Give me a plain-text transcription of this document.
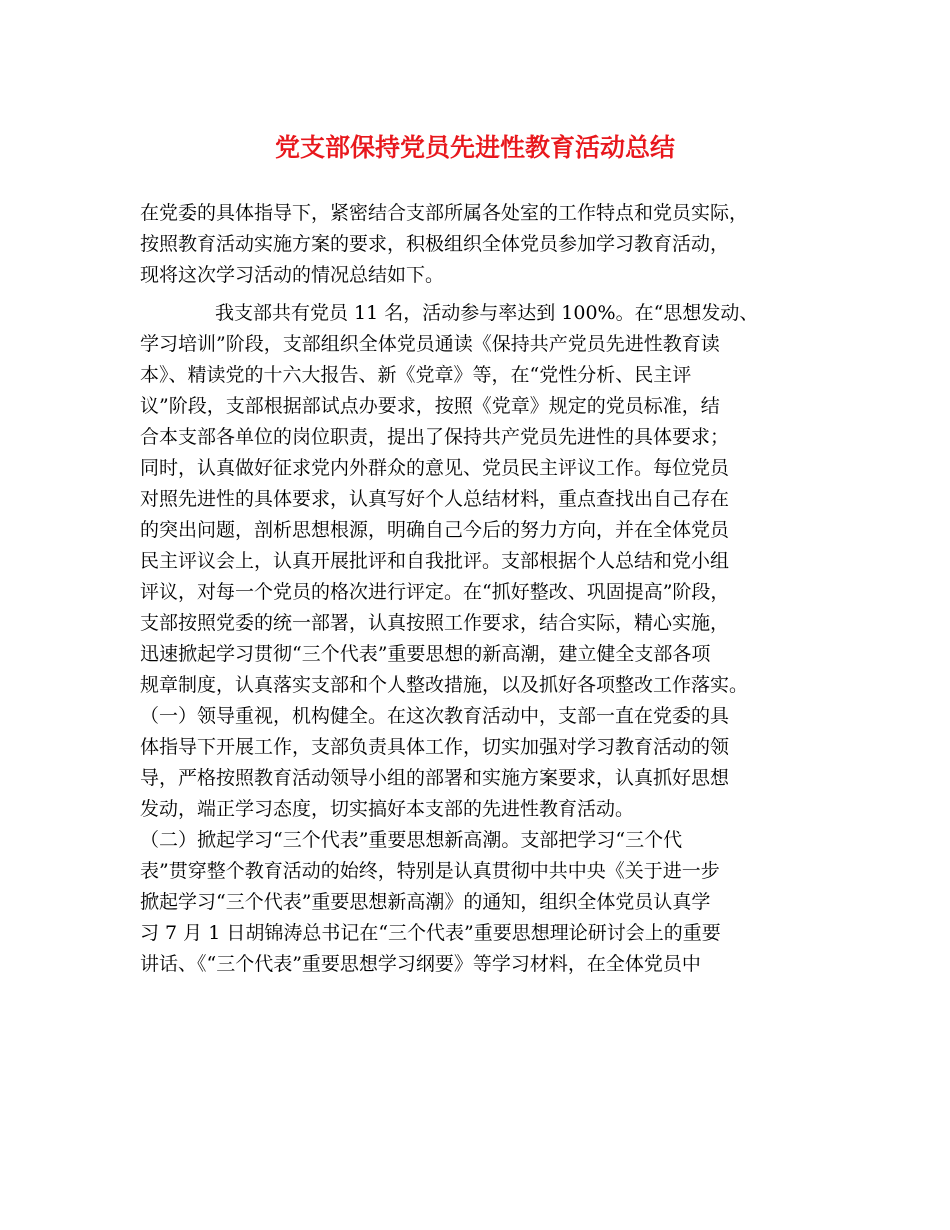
党支部保持党员先进性教育活动总结
在党委的具体指导下，紧密结合支部所属各处室的工作特点和党员实际，
按照教育活动实施方案的要求，积极组织全体党员参加学习教育活动，
现将这次学习活动的情况总结如下。
我支部共有党员 11 名，活动参与率达到 100%。在“思想发动、
学习培训”阶段，支部组织全体党员通读《保持共产党员先进性教育读
本》、精读党的十六大报告、新《党章》等，在“党性分析、民主评
议”阶段，支部根据部试点办要求，按照《党章》规定的党员标准，结
合本支部各单位的岗位职责，提出了保持共产党员先进性的具体要求；
同时，认真做好征求党内外群众的意见、党员民主评议工作。每位党员
对照先进性的具体要求，认真写好个人总结材料，重点查找出自己存在
的突出问题，剖析思想根源，明确自己今后的努力方向，并在全体党员
民主评议会上，认真开展批评和自我批评。支部根据个人总结和党小组
评议，对每一个党员的格次进行评定。在“抓好整改、巩固提高”阶段，
支部按照党委的统一部署，认真按照工作要求，结合实际，精心实施，
迅速掀起学习贯彻“三个代表”重要思想的新高潮，建立健全支部各项
规章制度，认真落实支部和个人整改措施，以及抓好各项整改工作落实。
（一）领导重视，机构健全。在这次教育活动中，支部一直在党委的具
体指导下开展工作，支部负责具体工作，切实加强对学习教育活动的领
导，严格按照教育活动领导小组的部署和实施方案要求，认真抓好思想
发动，端正学习态度，切实搞好本支部的先进性教育活动。
（二）掀起学习“三个代表”重要思想新高潮。支部把学习“三个代
表”贯穿整个教育活动的始终，特别是认真贯彻中共中央《关于进一步
掀起学习“三个代表”重要思想新高潮》的通知，组织全体党员认真学
习 7 月 1 日胡锦涛总书记在“三个代表”重要思想理论研讨会上的重要
讲话、《“三个代表”重要思想学习纲要》等学习材料，在全体党员中
